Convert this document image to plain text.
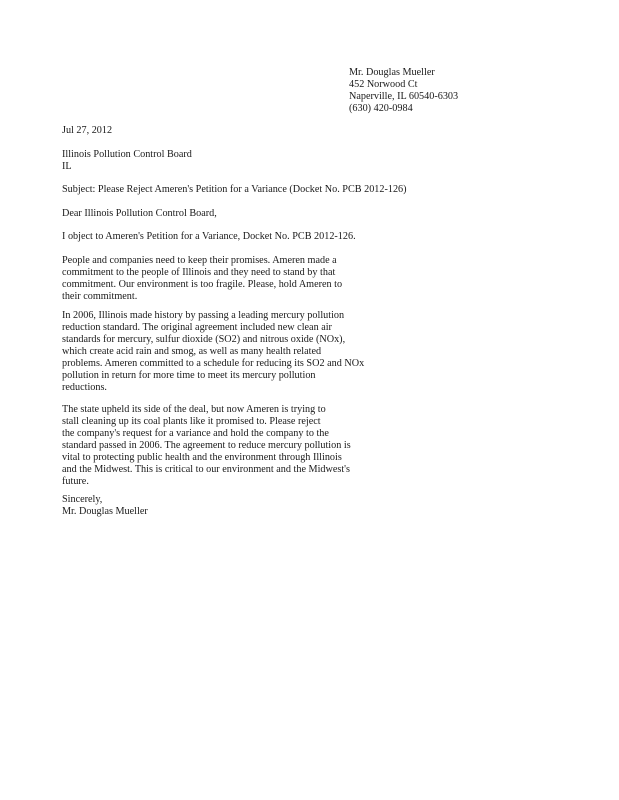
Mr. Douglas Mueller
452 Norwood Ct
Naperville, IL 60540-6303
(630) 420-0984
Jul 27, 2012
Illinois Pollution Control Board
IL
Subject: Please Reject Ameren's Petition for a Variance (Docket No. PCB 2012-126)
Dear Illinois Pollution Control Board,
I object to Ameren's Petition for a Variance, Docket No. PCB 2012-126.
People and companies need to keep their promises. Ameren made a
commitment to the people of Illinois and they need to stand by that
commitment. Our environment is too fragile. Please, hold Ameren to
their commitment.
In 2006, Illinois made history by passing a leading mercury pollution
reduction standard. The original agreement included new clean air
standards for mercury, sulfur dioxide (SO2) and nitrous oxide (NOx),
which create acid rain and smog, as well as many health related
problems. Ameren committed to a schedule for reducing its SO2 and NOx
pollution in return for more time to meet its mercury pollution
reductions.
The state upheld its side of the deal, but now Ameren is trying to
stall cleaning up its coal plants like it promised to. Please reject
the company's request for a variance and hold the company to the
standard passed in 2006. The agreement to reduce mercury pollution is
vital to protecting public health and the environment through Illinois
and the Midwest. This is critical to our environment and the Midwest's
future.
Sincerely,
Mr. Douglas Mueller
